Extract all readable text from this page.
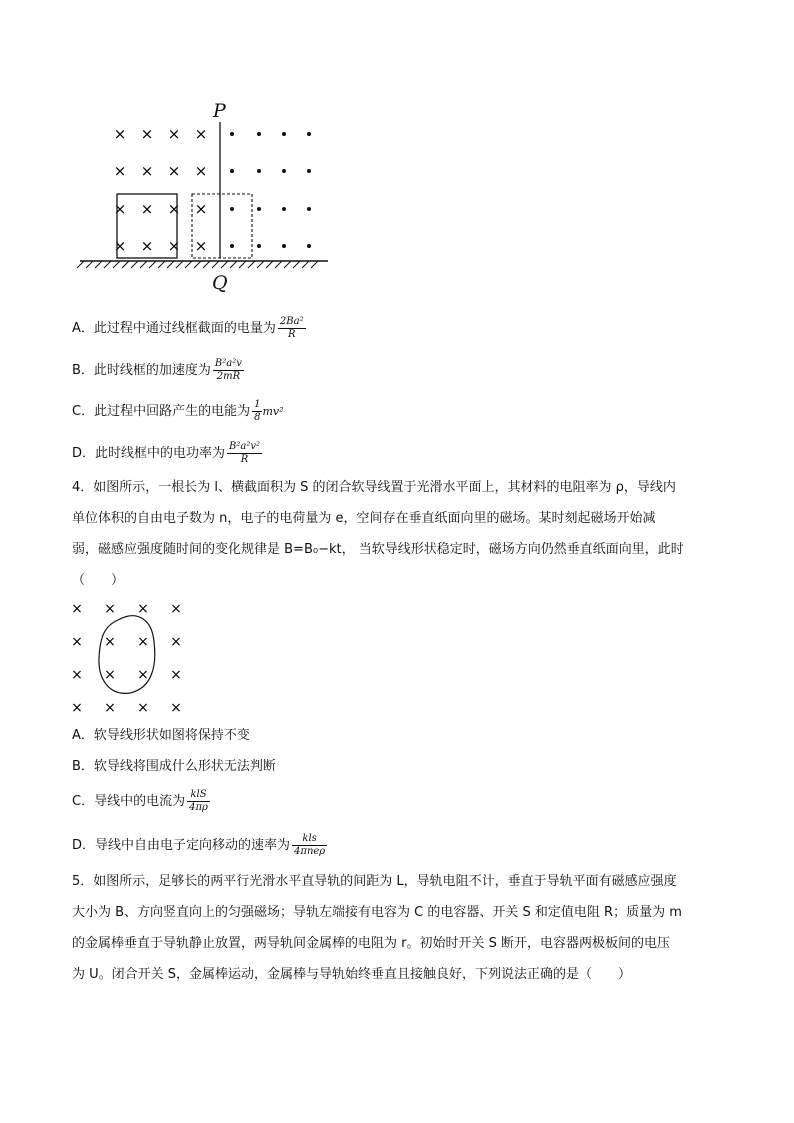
× × × ×
× × × ×
× × × ×
× × × ×
P
Q
A．此过程中通过线框截面的电量为 $\frac{\text{2Ba²}}{R}$
B．此时线框的加速度为 $\frac{\text{B²a²v}}{2mR}$
C．此过程中回路产生的电能为 $\frac{1}{8} mv^2$
D．此时线框中的电功率为 $\frac{\text{B²a²v²}}{R}$
4．如图所示，一根长为 l、横截面积为 S 的闭合软导线置于光滑水平面上，其材料的电阻率为 ρ，导线内
单位体积的自由电子数为 n，电子的电荷量为 e，空间存在垂直纸面向里的磁场。某时刻起磁场开始减
弱，磁感应强度随时间的变化规律是 B=B₀−kt， 当软导线形状稳定时，磁场方向仍然垂直纸面向里，此时
（　　）
× × × ×
× × × ×
× × × ×
× × × ×
A．软导线形状如图将保持不变
B．软导线将围成什么形状无法判断
C．导线中的电流为 $\frac{\text{klS}}{4\pi\rho}$
D．导线中自由电子定向移动的速率为 $\frac{\text{kls}}{\text{4πneρ}}$
5．如图所示，足够长的两平行光滑水平直导轨的间距为 L，导轨电阻不计，垂直于导轨平面有磁感应强度
大小为 B、方向竖直向上的匀强磁场；导轨左端接有电容为 C 的电容器、开关 S 和定值电阻 R；质量为 m
的金属棒垂直于导轨静止放置，两导轨间金属棒的电阻为 r。初始时开关 S 断开，电容器两极板间的电压
为 U。闭合开关 S，金属棒运动，金属棒与导轨始终垂直且接触良好，下列说法正确的是（　　）
